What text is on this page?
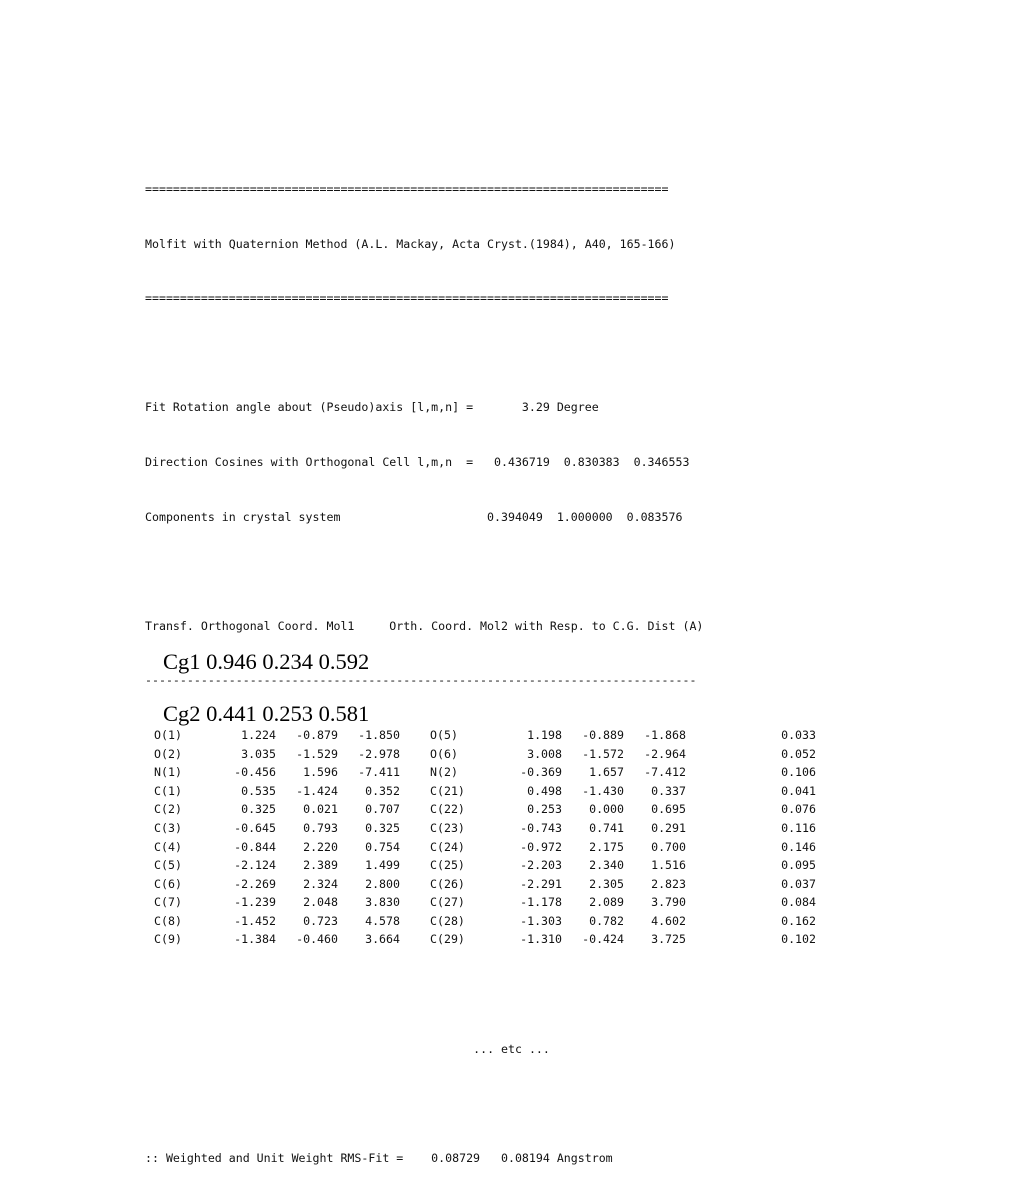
===========================================================================

Molfit with Quaternion Method (A.L. Mackay, Acta Cryst.(1984), A40, 165-166)

===========================================================================

Fit Rotation angle about (Pseudo)axis [l,m,n] =       3.29 Degree

Direction Cosines with Orthogonal Cell l,m,n  =   0.436719  0.830383  0.346553

Components in crystal system                     0.394049  1.000000  0.083576

Transf. Orthogonal Coord. Mol1     Orth. Coord. Mol2 with Resp. to C.G. Dist (A)

-------------------------------------------------------------------------------

O(1)	1.224 -0.879 -1.850	O(5)	1.198 -0.889 -1.868	0.033
O(2)	3.035 -1.529 -2.978	O(6)	3.008 -1.572 -2.964	0.052
N(1)	-0.456 1.596 -7.411	N(2)	-0.369 1.657 -7.412	0.106
C(1)	0.535 -1.424 0.352	C(21)	0.498 -1.430 0.337	0.041
C(2)	0.325 0.021 0.707	C(22)	0.253 0.000 0.695	0.076
C(3)	-0.645 0.793 0.325	C(23)	-0.743 0.741 0.291	0.116
C(4)	-0.844 2.220 0.754	C(24)	-0.972 2.175 0.700	0.146
C(5)	-2.124 2.389 1.499	C(25)	-2.203 2.340 1.516	0.095
C(6)	-2.269 2.324 2.800	C(26)	-2.291 2.305 2.823	0.037
C(7)	-1.239 2.048 3.830	C(27)	-1.178 2.089 3.790	0.084
C(8)	-1.452 0.723 4.578	C(28)	-1.303 0.782 4.602	0.162
C(9)	-1.384 -0.460 3.664	C(29)	-1.310 -0.424 3.725	0.102

... etc ...

:: Weighted and Unit Weight RMS-Fit =    0.08729   0.08194 Angstrom

Cg1 0.946 0.234 0.592
Cg2 0.441 0.253 0.581
